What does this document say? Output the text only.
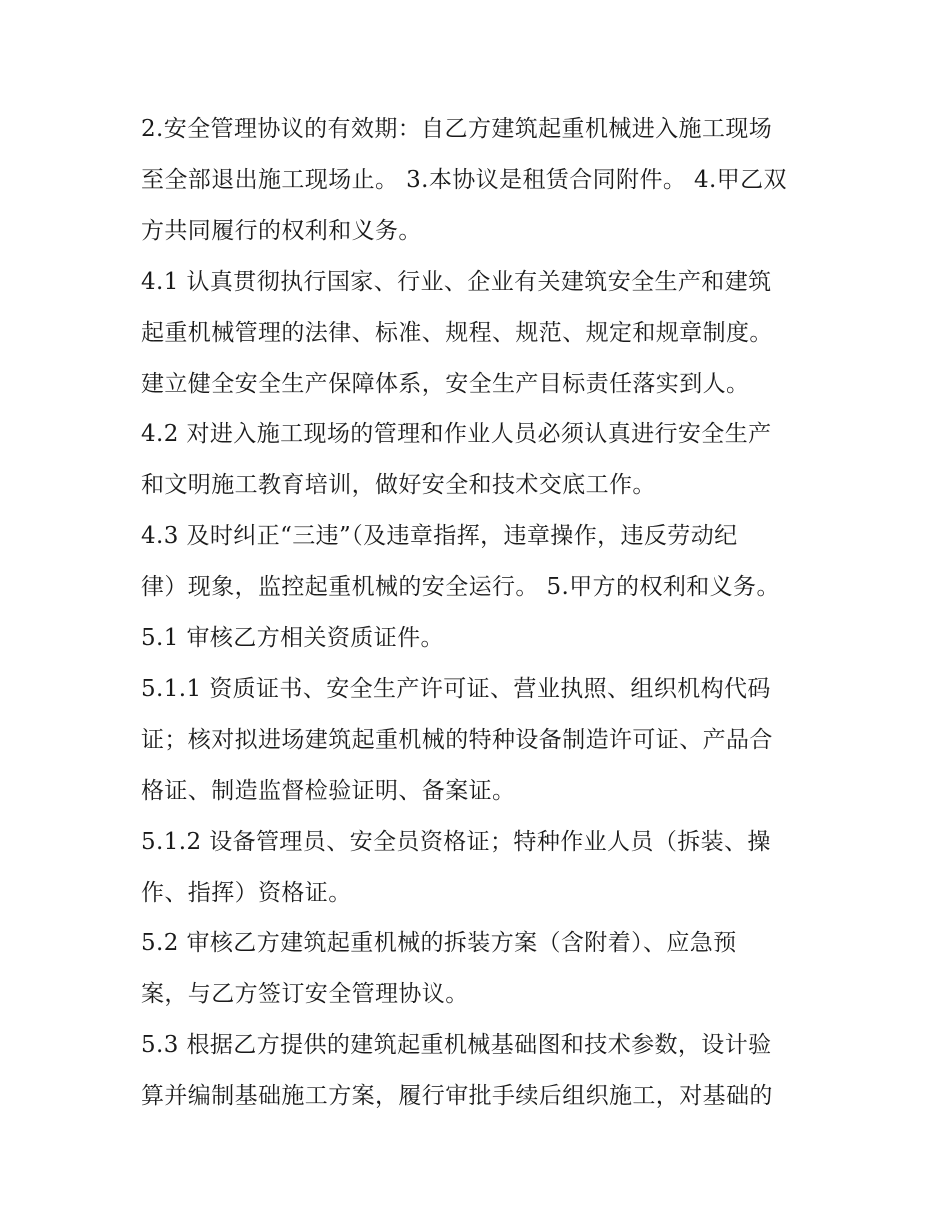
2.安全管理协议的有效期：自乙方建筑起重机械进入施工现场
至全部退出施工现场止。 3.本协议是租赁合同附件。 4.甲乙双
方共同履行的权利和义务。
4.1 认真贯彻执行国家、行业、企业有关建筑安全生产和建筑
起重机械管理的法律、标准、规程、规范、规定和规章制度。
建立健全安全生产保障体系，安全生产目标责任落实到人。
4.2 对进入施工现场的管理和作业人员必须认真进行安全生产
和文明施工教育培训，做好安全和技术交底工作。
4.3 及时纠正“三违”（及违章指挥，违章操作，违反劳动纪
律）现象，监控起重机械的安全运行。 5.甲方的权利和义务。
5.1 审核乙方相关资质证件。
5.1.1 资质证书、安全生产许可证、营业执照、组织机构代码
证；核对拟进场建筑起重机械的特种设备制造许可证、产品合
格证、制造监督检验证明、备案证。
5.1.2 设备管理员、安全员资格证；特种作业人员（拆装、操
作、指挥）资格证。
5.2 审核乙方建筑起重机械的拆装方案（含附着）、应急预
案，与乙方签订安全管理协议。
5.3 根据乙方提供的建筑起重机械基础图和技术参数，设计验
算并编制基础施工方案，履行审批手续后组织施工，对基础的
